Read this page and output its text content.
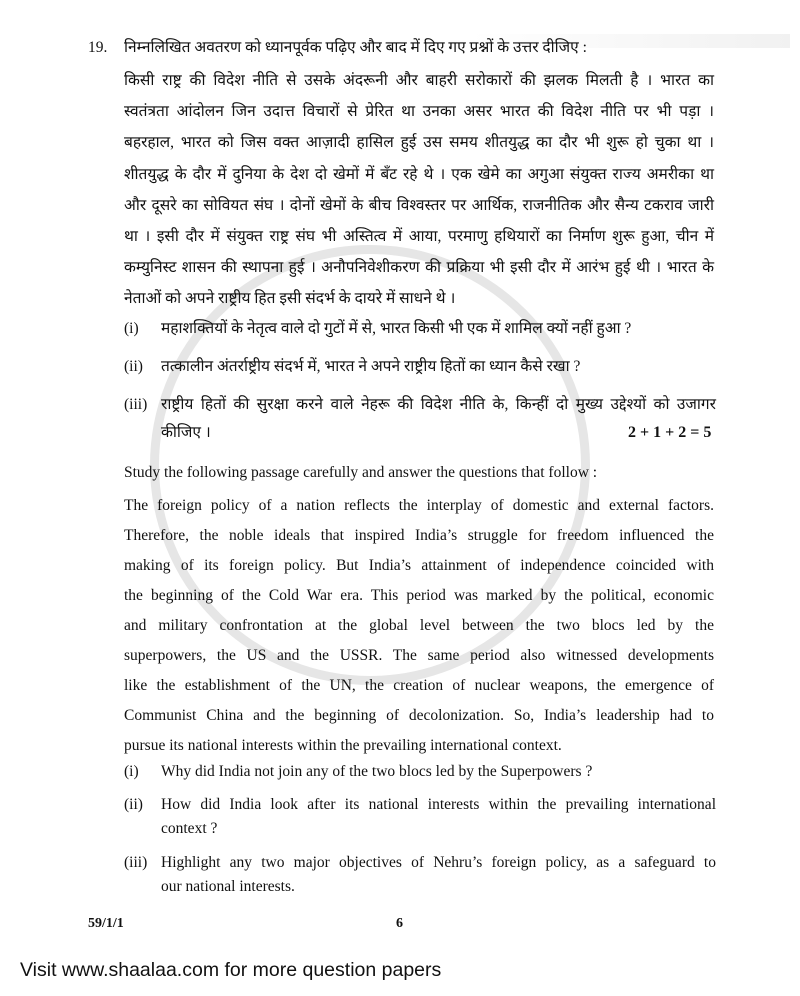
19. निम्नलिखित अवतरण को ध्यानपूर्वक पढ़िए और बाद में दिए गए प्रश्नों के उत्तर दीजिए :
किसी राष्ट्र की विदेश नीति से उसके अंदरूनी और बाहरी सरोकारों की झलक मिलती है । भारत का
स्वतंत्रता आंदोलन जिन उदात्त विचारों से प्रेरित था उनका असर भारत की विदेश नीति पर भी पड़ा ।
बहरहाल, भारत को जिस वक्त आज़ादी हासिल हुई उस समय शीतयुद्ध का दौर भी शुरू हो चुका था ।
शीतयुद्ध के दौर में दुनिया के देश दो खेमों में बँट रहे थे । एक खेमे का अगुआ संयुक्त राज्य अमरीका था
और दूसरे का सोवियत संघ । दोनों खेमों के बीच विश्वस्तर पर आर्थिक, राजनीतिक और सैन्य टकराव जारी
था । इसी दौर में संयुक्त राष्ट्र संघ भी अस्तित्व में आया, परमाणु हथियारों का निर्माण शुरू हुआ, चीन में
कम्युनिस्ट शासन की स्थापना हुई । अनौपनिवेशीकरण की प्रक्रिया भी इसी दौर में आरंभ हुई थी । भारत के
नेताओं को अपने राष्ट्रीय हित इसी संदर्भ के दायरे में साधने थे ।
(i) महाशक्तियों के नेतृत्व वाले दो गुटों में से, भारत किसी भी एक में शामिल क्यों नहीं हुआ ?
(ii) तत्कालीन अंतर्राष्ट्रीय संदर्भ में, भारत ने अपने राष्ट्रीय हितों का ध्यान कैसे रखा ?
(iii) राष्ट्रीय हितों की सुरक्षा करने वाले नेहरू की विदेश नीति के, किन्हीं दो मुख्य उद्देश्यों को उजागर
कीजिए ।	2 + 1 + 2 = 5
Study the following passage carefully and answer the questions that follow :
The foreign policy of a nation reflects the interplay of domestic and external factors.
Therefore, the noble ideals that inspired India’s struggle for freedom influenced the
making of its foreign policy. But India’s attainment of independence coincided with
the beginning of the Cold War era. This period was marked by the political, economic
and military confrontation at the global level between the two blocs led by the
superpowers, the US and the USSR. The same period also witnessed developments
like the establishment of the UN, the creation of nuclear weapons, the emergence of
Communist China and the beginning of decolonization. So, India’s leadership had to
pursue its national interests within the prevailing international context.
(i) Why did India not join any of the two blocs led by the Superpowers ?
(ii) How did India look after its national interests within the prevailing international
context ?
(iii) Highlight any two major objectives of Nehru’s foreign policy, as a safeguard to
our national interests.
59/1/1	6
Visit www.shaalaa.com for more question papers
